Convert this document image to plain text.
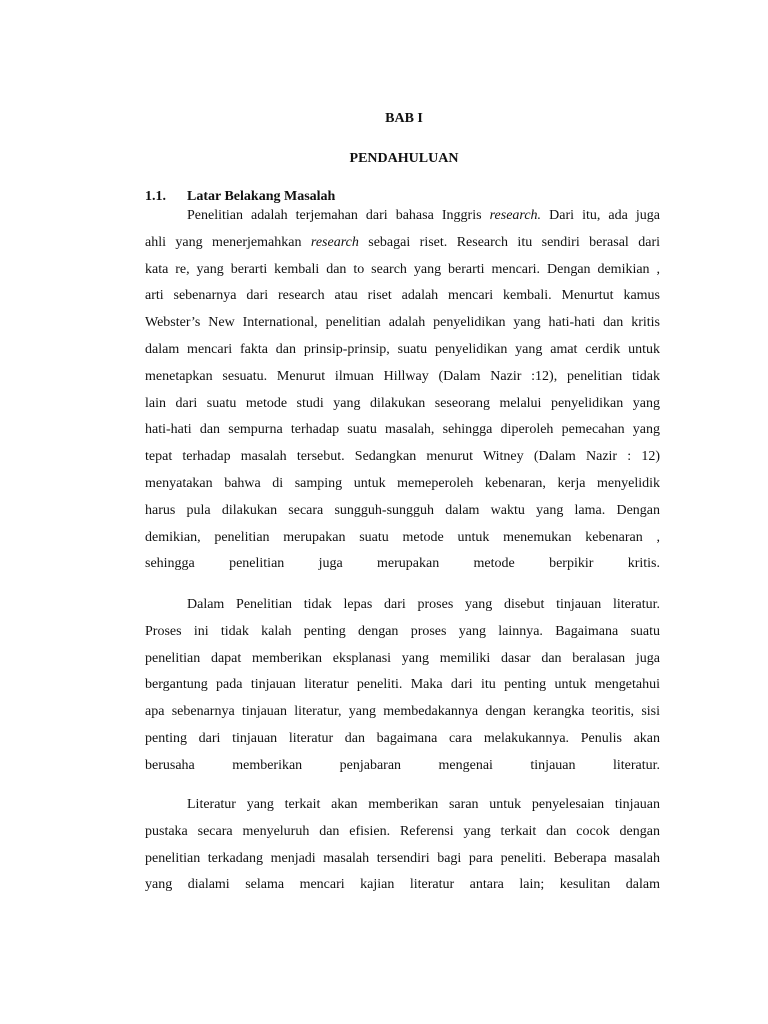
BAB I
PENDAHULUAN
1.1. Latar Belakang Masalah
Penelitian adalah terjemahan dari bahasa Inggris research. Dari itu, ada juga
ahli yang menerjemahkan research sebagai riset. Research itu sendiri berasal dari
kata re, yang berarti kembali dan to search yang berarti mencari. Dengan demikian ,
arti sebenarnya dari research atau riset adalah mencari kembali. Menurtut kamus
Webster’s New International, penelitian adalah penyelidikan yang hati-hati dan kritis
dalam mencari fakta dan prinsip-prinsip, suatu penyelidikan yang amat cerdik untuk
menetapkan sesuatu. Menurut ilmuan Hillway (Dalam Nazir :12), penelitian tidak
lain dari suatu metode studi yang dilakukan seseorang melalui penyelidikan yang
hati-hati dan sempurna terhadap suatu masalah, sehingga diperoleh pemecahan yang
tepat terhadap masalah tersebut. Sedangkan menurut Witney (Dalam Nazir : 12)
menyatakan bahwa di samping untuk memeperoleh kebenaran, kerja menyelidik
harus pula dilakukan secara sungguh-sungguh dalam waktu yang lama. Dengan
demikian, penelitian merupakan suatu metode untuk menemukan kebenaran ,
sehingga penelitian juga merupakan metode berpikir kritis.
Dalam Penelitian tidak lepas dari proses yang disebut tinjauan literatur.
Proses ini tidak kalah penting dengan proses yang lainnya. Bagaimana suatu
penelitian dapat memberikan eksplanasi yang memiliki dasar dan beralasan juga
bergantung pada tinjauan literatur peneliti. Maka dari itu penting untuk mengetahui
apa sebenarnya tinjauan literatur, yang membedakannya dengan kerangka teoritis, sisi
penting dari tinjauan literatur dan bagaimana cara melakukannya. Penulis akan
berusaha memberikan penjabaran mengenai tinjauan literatur.
Literatur yang terkait akan memberikan saran untuk penyelesaian tinjauan
pustaka secara menyeluruh dan efisien. Referensi yang terkait dan cocok dengan
penelitian terkadang menjadi masalah tersendiri bagi para peneliti. Beberapa masalah
yang dialami selama mencari kajian literatur antara lain; kesulitan dalam
